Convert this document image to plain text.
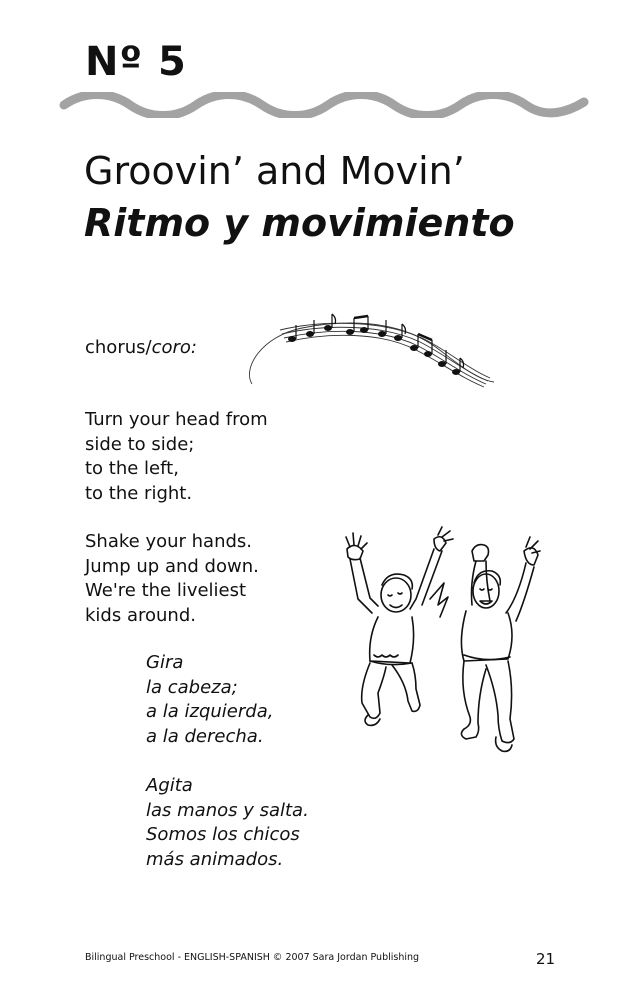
Nº 5
Groovin’ and Movin’
Ritmo y movimiento
chorus/coro:

Turn your head from
side to side;
to the left,
to the right.

Shake your hands.
Jump up and down.
We're the liveliest
kids around.

Gira
la cabeza;
a la izquierda,
a la derecha.

Agita
las manos y salta.
Somos los chicos
más animados.

Bilingual Preschool - ENGLISH-SPANISH © 2007 Sara Jordan Publishing	21
